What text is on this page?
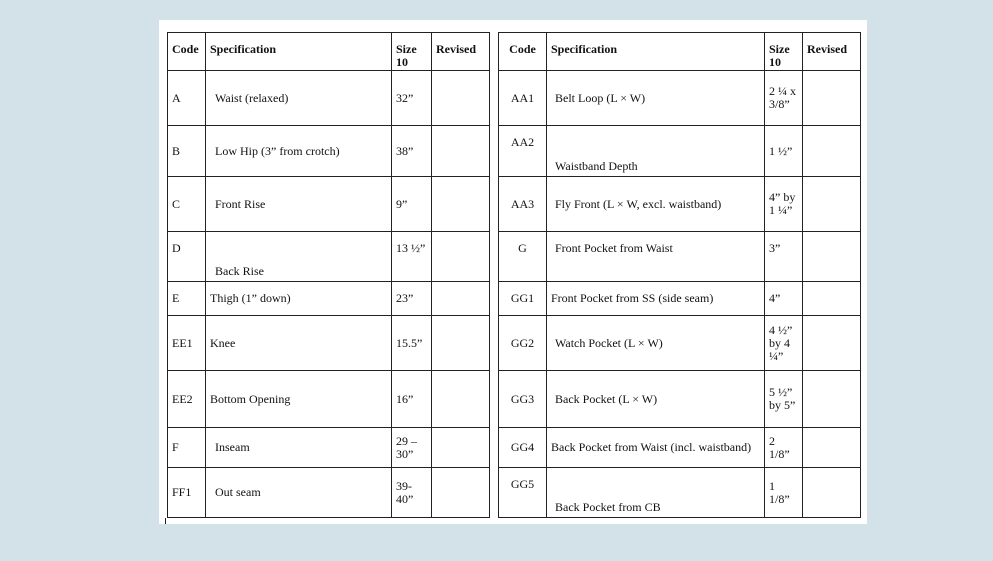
Code	Specification	Size 10	Revised
A	Waist (relaxed)	32”	
B	Low Hip (3” from crotch)	38”	
C	Front Rise	9”	
D	Back Rise	13 ½”	
E	Thigh (1” down)	23”	
EE1	Knee	15.5”	
EE2	Bottom Opening	16”	
F	Inseam	29 – 30”	
FF1	Out seam	39-40”	
Code	Specification	Size 10	Revised
AA1	Belt Loop (L × W)	2 ¼ x 3/8”	
AA2	Waistband Depth	1 ½”	
AA3	Fly Front (L × W, excl. waistband)	4” by 1 ¼”	
G	Front Pocket from Waist	3”	
GG1	Front Pocket from SS (side seam)	4”	
GG2	Watch Pocket (L × W)	4 ½” by 4 ¼”	
GG3	Back Pocket (L × W)	5 ½” by 5”	
GG4	Back Pocket from Waist (incl. waistband)	2 1/8”	
GG5	Back Pocket from CB	1 1/8”	
